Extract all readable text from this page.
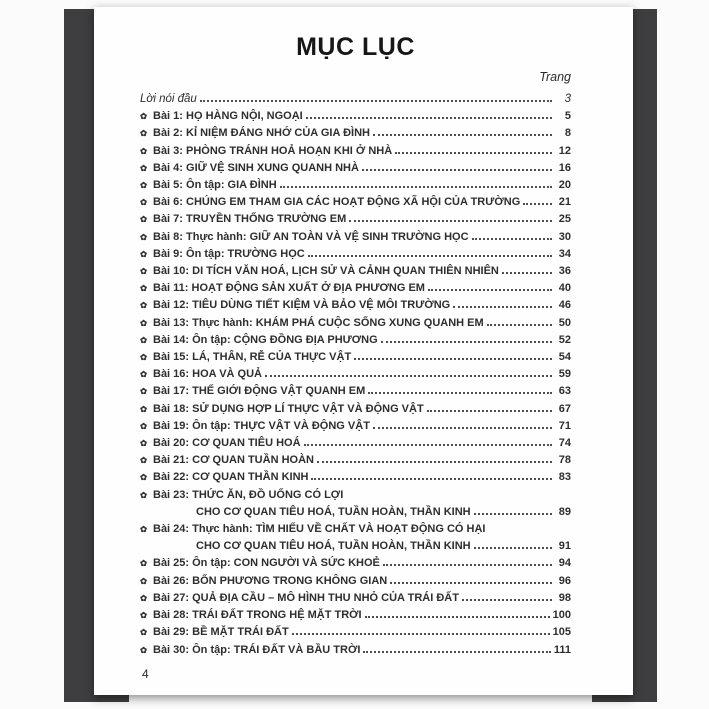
MỤC LỤC
Trang
Lời nói đầu	3
✿ Bài 1: HỌ HÀNG NỘI, NGOẠI	5
✿ Bài 2: KỈ NIỆM ĐÁNG NHỚ CỦA GIA ĐÌNH	8
✿ Bài 3: PHÒNG TRÁNH HOẢ HOẠN KHI Ở NHÀ	12
✿ Bài 4: GIỮ VỆ SINH XUNG QUANH NHÀ	16
✿ Bài 5: Ôn tập: GIA ĐÌNH	20
✿ Bài 6: CHÚNG EM THAM GIA CÁC HOẠT ĐỘNG XÃ HỘI CỦA TRƯỜNG	21
✿ Bài 7: TRUYỀN THỐNG TRƯỜNG EM	25
✿ Bài 8: Thực hành: GIỮ AN TOÀN VÀ VỆ SINH TRƯỜNG HỌC	30
✿ Bài 9: Ôn tập: TRƯỜNG HỌC	34
✿ Bài 10: DI TÍCH VĂN HOÁ, LỊCH SỬ VÀ CẢNH QUAN THIÊN NHIÊN	36
✿ Bài 11: HOẠT ĐỘNG SẢN XUẤT Ở ĐỊA PHƯƠNG EM	40
✿ Bài 12: TIÊU DÙNG TIẾT KIỆM VÀ BẢO VỆ MÔI TRƯỜNG	46
✿ Bài 13: Thực hành: KHÁM PHÁ CUỘC SỐNG XUNG QUANH EM	50
✿ Bài 14: Ôn tập: CỘNG ĐỒNG ĐỊA PHƯƠNG	52
✿ Bài 15: LÁ, THÂN, RỄ CỦA THỰC VẬT	54
✿ Bài 16: HOA VÀ QUẢ	59
✿ Bài 17: THẾ GIỚI ĐỘNG VẬT QUANH EM	63
✿ Bài 18: SỬ DỤNG HỢP LÍ THỰC VẬT VÀ ĐỘNG VẬT	67
✿ Bài 19: Ôn tập: THỰC VẬT VÀ ĐỘNG VẬT	71
✿ Bài 20: CƠ QUAN TIÊU HOÁ	74
✿ Bài 21: CƠ QUAN TUẦN HOÀN	78
✿ Bài 22: CƠ QUAN THẦN KINH	83
✿ Bài 23: THỨC ĂN, ĐỒ UỐNG CÓ LỢI
CHO CƠ QUAN TIÊU HOÁ, TUẦN HOÀN, THẦN KINH	89
✿ Bài 24: Thực hành: TÌM HIỂU VỀ CHẤT VÀ HOẠT ĐỘNG CÓ HẠI
CHO CƠ QUAN TIÊU HOÁ, TUẦN HOÀN, THẦN KINH	91
✿ Bài 25: Ôn tập: CON NGƯỜI VÀ SỨC KHOẺ	94
✿ Bài 26: BỐN PHƯƠNG TRONG KHÔNG GIAN	96
✿ Bài 27: QUẢ ĐỊA CẦU – MÔ HÌNH THU NHỎ CỦA TRÁI ĐẤT	98
✿ Bài 28: TRÁI ĐẤT TRONG HỆ MẶT TRỜI	100
✿ Bài 29: BỀ MẶT TRÁI ĐẤT	105
✿ Bài 30: Ôn tập: TRÁI ĐẤT VÀ BẦU TRỜI	111
4
